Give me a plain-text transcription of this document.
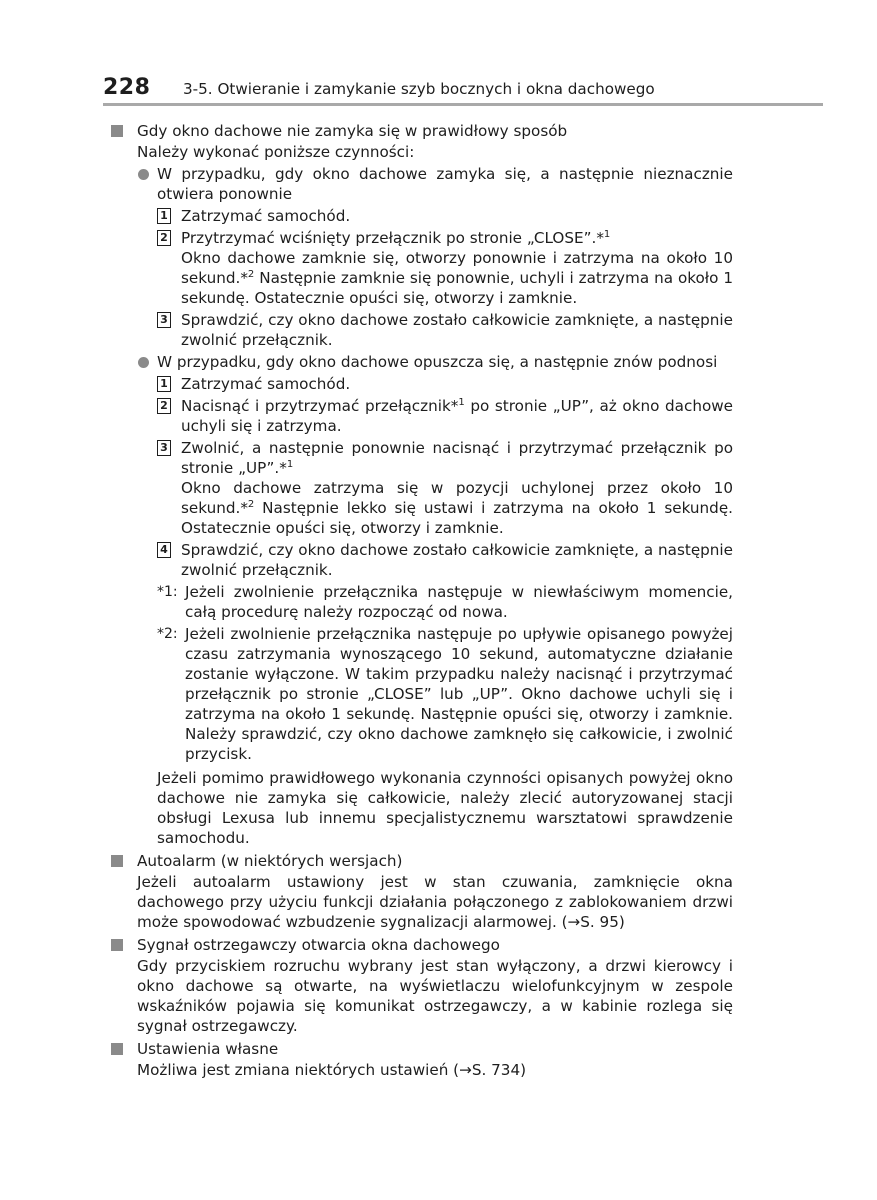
228 3-5. Otwieranie i zamykanie szyb bocznych i okna dachowego
Gdy okno dachowe nie zamyka się w prawidłowy sposób
Należy wykonać poniższe czynności:
W przypadku, gdy okno dachowe zamyka się, a następnie nieznacznie otwiera ponownie
1 Zatrzymać samochód.
2 Przytrzymać wciśnięty przełącznik po stronie „CLOSE”.*$^1$
Okno dachowe zamknie się, otworzy ponownie i zatrzyma na około 10 sekund.*$^2$ Następnie zamknie się ponownie, uchyli i zatrzyma na około 1 sekundę. Ostatecznie opuści się, otworzy i zamknie.
3 Sprawdzić, czy okno dachowe zostało całkowicie zamknięte, a następnie zwolnić przełącznik.
W przypadku, gdy okno dachowe opuszcza się, a następnie znów podnosi
1 Zatrzymać samochód.
2 Nacisnąć i przytrzymać przełącznik*$^1$ po stronie „UP”, aż okno dachowe uchyli się i zatrzyma.
3 Zwolnić, a następnie ponownie nacisnąć i przytrzymać przełącznik po stronie „UP”.*$^1$
Okno dachowe zatrzyma się w pozycji uchylonej przez około 10 sekund.*$^2$ Następnie lekko się ustawi i zatrzyma na około 1 sekundę. Ostatecznie opuści się, otworzy i zamknie.
4 Sprawdzić, czy okno dachowe zostało całkowicie zamknięte, a następnie zwolnić przełącznik.
*1: Jeżeli zwolnienie przełącznika następuje w niewłaściwym momencie, całą procedurę należy rozpocząć od nowa.
*2: Jeżeli zwolnienie przełącznika następuje po upływie opisanego powyżej czasu zatrzymania wynoszącego 10 sekund, automatyczne działanie zostanie wyłączone. W takim przypadku należy nacisnąć i przytrzymać przełącznik po stronie „CLOSE” lub „UP”. Okno dachowe uchyli się i zatrzyma na około 1 sekundę. Następnie opuści się, otworzy i zamknie. Należy sprawdzić, czy okno dachowe zamknęło się całkowicie, i zwolnić przycisk.
Jeżeli pomimo prawidłowego wykonania czynności opisanych powyżej okno dachowe nie zamyka się całkowicie, należy zlecić autoryzowanej stacji obsługi Lexusa lub innemu specjalistycznemu warsztatowi sprawdzenie samochodu.
Autoalarm (w niektórych wersjach)
Jeżeli autoalarm ustawiony jest w stan czuwania, zamknięcie okna dachowego przy użyciu funkcji działania połączonego z zablokowaniem drzwi może spowodować wzbudzenie sygnalizacji alarmowej. (→S. 95)
Sygnał ostrzegawczy otwarcia okna dachowego
Gdy przyciskiem rozruchu wybrany jest stan wyłączony, a drzwi kierowcy i okno dachowe są otwarte, na wyświetlaczu wielofunkcyjnym w zespole wskaźników pojawia się komunikat ostrzegawczy, a w kabinie rozlega się sygnał ostrzegawczy.
Ustawienia własne
Możliwa jest zmiana niektórych ustawień (→S. 734)
